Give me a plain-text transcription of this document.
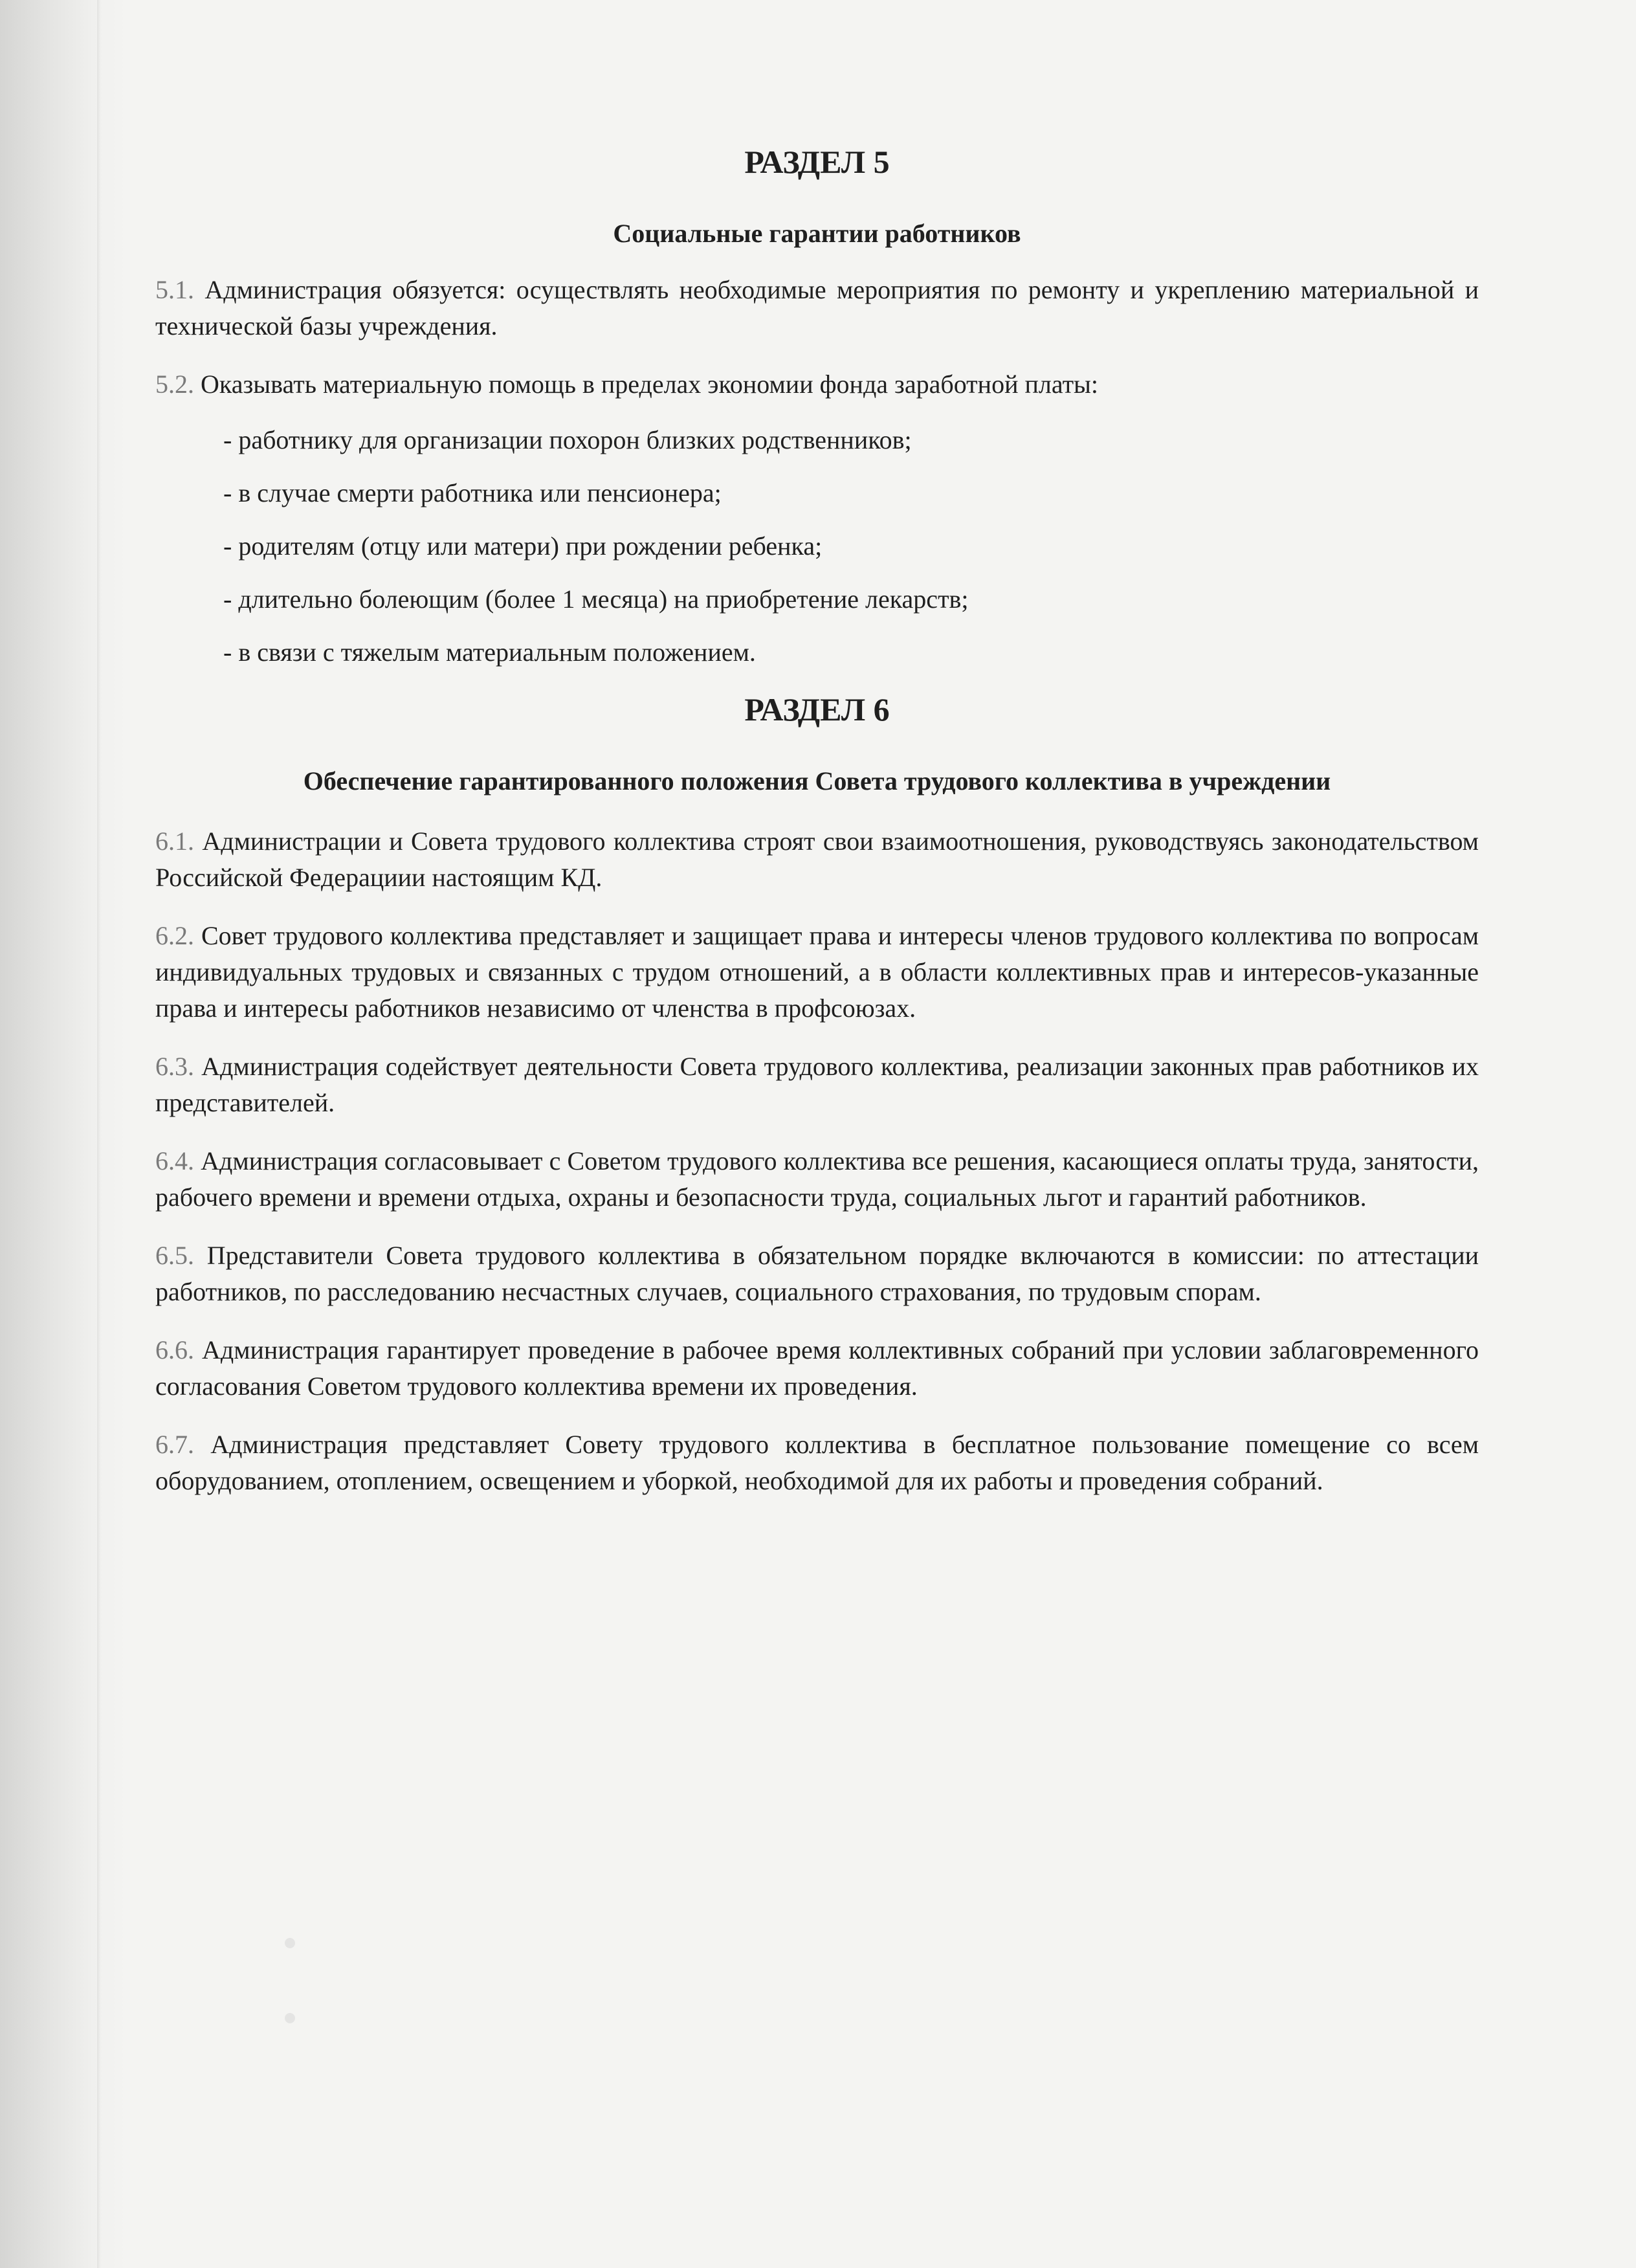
РАЗДЕЛ 5
Социальные гарантии работников

5.1. Администрация обязуется: осуществлять необходимые мероприятия по ремонту и укреплению материальной и технической базы учреждения.

5.2. Оказывать материальную помощь в пределах экономии фонда заработной платы:

- работнику для организации похорон близких родственников;
- в случае смерти работника или пенсионера;
- родителям (отцу или матери) при рождении ребенка;
- длительно болеющим (более 1 месяца) на приобретение лекарств;
- в связи с тяжелым материальным положением.
РАЗДЕЛ 6
Обеспечение гарантированного положения Совета трудового коллектива в учреждении

6.1. Администрации и Совета трудового коллектива строят свои взаимоотношения, руководствуясь законодательством Российской Федерациии настоящим КД.

6.2. Совет трудового коллектива представляет и защищает права и интересы членов трудового коллектива по вопросам индивидуальных трудовых и связанных с трудом отношений, а в области коллективных прав и интересов-указанные права и интересы работников независимо от членства в профсоюзах.

6.3. Администрация содействует деятельности Совета трудового коллектива, реализации законных прав работников их представителей.

6.4. Администрация согласовывает с Советом трудового коллектива все решения, касающиеся оплаты труда, занятости, рабочего времени и времени отдыха, охраны и безопасности труда, социальных льгот и гарантий работников.

6.5. Представители Совета трудового коллектива в обязательном порядке включаются в комиссии: по аттестации работников, по расследованию несчастных случаев, социального страхования, по трудовым спорам.

6.6. Администрация гарантирует проведение в рабочее время коллективных собраний при условии заблаговременного согласования Советом трудового коллектива времени их проведения.

6.7. Администрация представляет Совету трудового коллектива в бесплатное пользование помещение со всем оборудованием, отоплением, освещением и уборкой, необходимой для их работы и проведения собраний.
